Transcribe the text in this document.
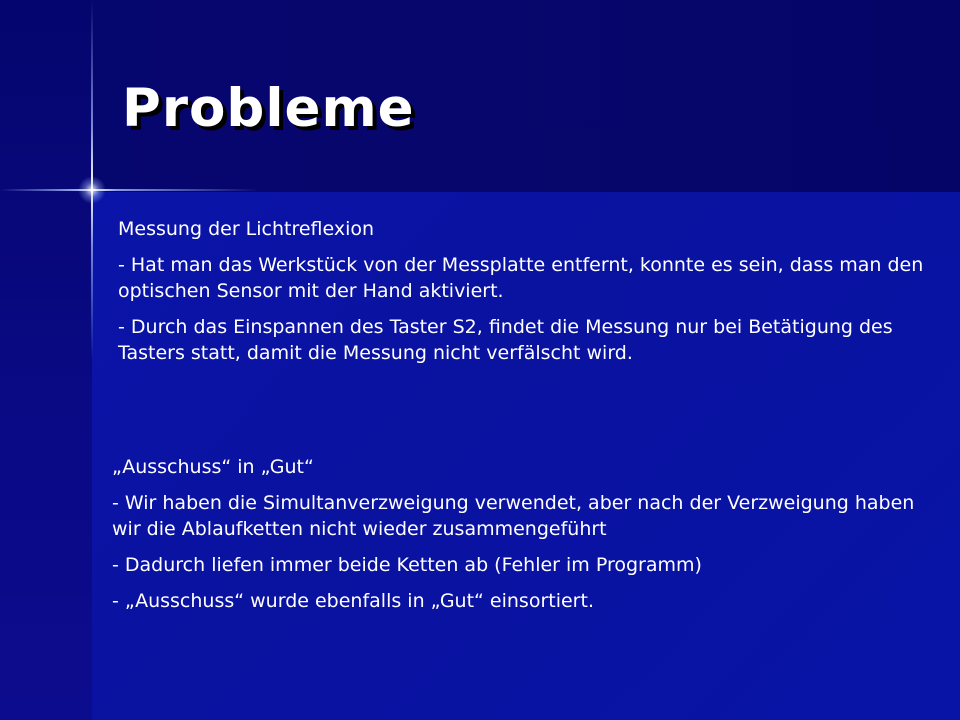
Probleme

Messung der Lichtreflexion

- Hat man das Werkstück von der Messplatte entfernt, konnte es sein, dass man den optischen Sensor mit der Hand aktiviert.

- Durch das Einspannen des Taster S2, findet die Messung nur bei Betätigung des Tasters statt, damit die Messung nicht verfälscht wird.

„Ausschuss“ in „Gut“

- Wir haben die Simultanverzweigung verwendet, aber nach der Verzweigung haben wir die Ablaufketten nicht wieder zusammengeführt

- Dadurch liefen immer beide Ketten ab (Fehler im Programm)

- „Ausschuss“ wurde ebenfalls in „Gut“ einsortiert.
